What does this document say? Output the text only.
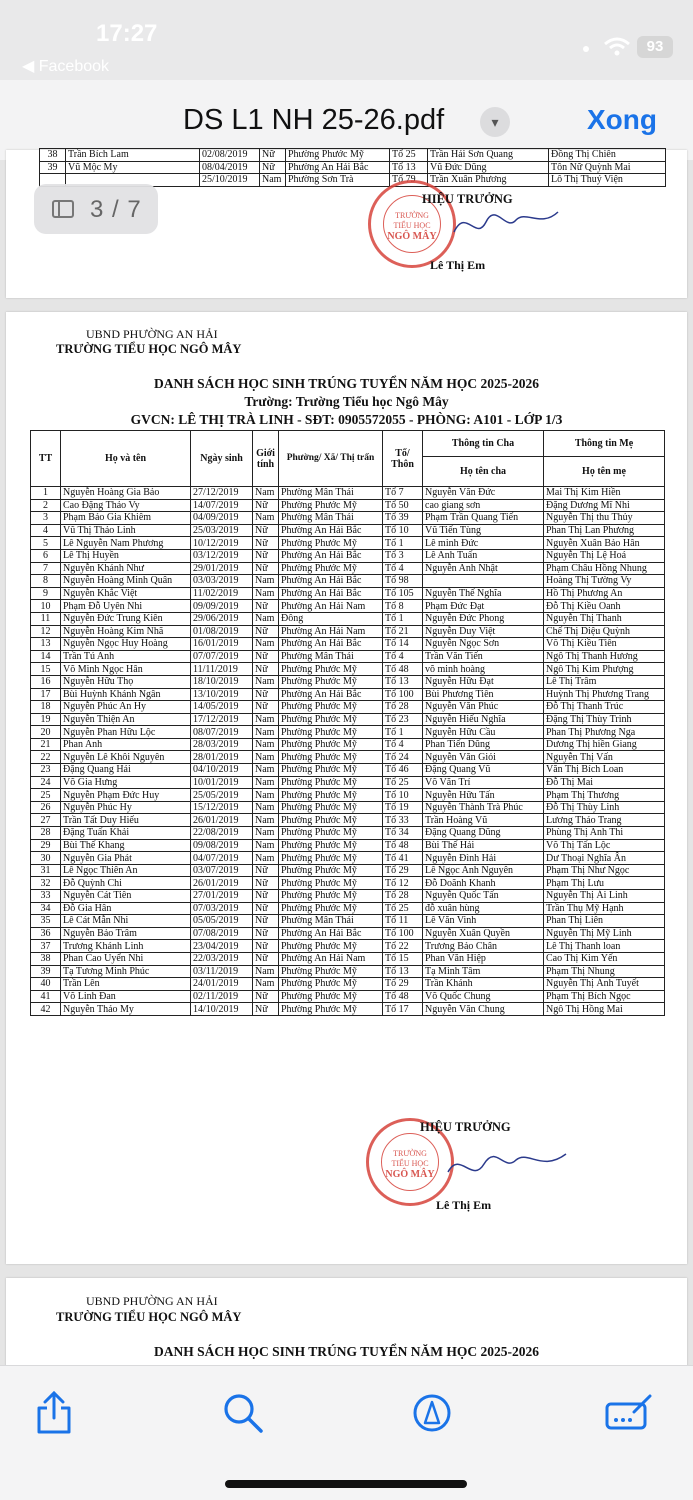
17:27
◀ Facebook
93
DS L1 NH 25-26.pdf	▾	Xong
38	Trần Bích Lam	02/08/2019	Nữ	Phường Phước Mỹ	Tổ 25	Trần Hải Sơn Quang	Đồng Thị Chiên
39	Vũ Mộc My	08/04/2019	Nữ	Phường An Hải Bắc	Tổ 13	Vũ Đức Dũng	Tôn Nữ Quỳnh Mai
		25/10/2019	Nam	Phường Sơn Trà	Tổ 79	Trần Xuân Phương	Lô Thị Thuý Viện
TRƯỜNG
TIỂU HỌC
NGÔ MÂY
HIỆU TRƯỞNG
Lê Thị Em
UBND PHƯỜNG AN HẢI
TRƯỜNG TIỂU HỌC NGÔ MÂY
DANH SÁCH HỌC SINH TRÚNG TUYỂN NĂM HỌC 2025-2026
Trường: Trường Tiểu học Ngô Mây
GVCN: LÊ THỊ TRÀ LINH - SĐT: 0905572055 - PHÒNG: A101 - LỚP 1/3
TT	Họ và tên	Ngày sinh	Giới tính	Phường/ Xã/ Thị trấn	Tổ/ Thôn	Thông tin Cha	Thông tin Mẹ
						Họ tên cha	Họ tên mẹ
1	Nguyễn Hoàng Gia Bảo	27/12/2019	Nam	Phường Mân Thái	Tổ 7	Nguyễn Văn Đức	Mai Thị Kim Hiền
2	Cao Đặng Thảo Vy	14/07/2019	Nữ	Phường Phước Mỹ	Tổ 50	cao giang sơn	Đặng Dương Mĩ Nhi
3	Phạm Bảo Gia Khiêm	04/09/2019	Nam	Phường Mân Thái	Tổ 39	Phạm Trần Quang Tiến	Nguyễn Thị thu Thủy
4	Vũ Thị Thảo Linh	25/03/2019	Nữ	Phường An Hải Bắc	Tổ 10	Vũ Tiến Tùng	Phan Thị Lan Phương
5	Lê Nguyễn Nam Phương	10/12/2019	Nữ	Phường Phước Mỹ	Tổ 1	Lê minh Đức	Nguyễn Xuân Bảo Hân
6	Lê Thị Huyền	03/12/2019	Nữ	Phường An Hải Bắc	Tổ 3	Lê Anh Tuấn	Nguyễn Thị Lệ Hoá
7	Nguyễn Khánh Như	29/01/2019	Nữ	Phường Phước Mỹ	Tổ 4	Nguyễn Anh Nhật	Phạm Châu Hồng Nhung
8	Nguyễn Hoàng Minh Quân	03/03/2019	Nam	Phường An Hải Bắc	Tổ 98		Hoàng Thị Tường Vy
9	Nguyễn Khắc Việt	11/02/2019	Nam	Phường An Hải Bắc	Tổ 105	Nguyễn Thế Nghĩa	Hồ Thị Phương An
10	Phạm Đỗ Uyên Nhi	09/09/2019	Nữ	Phường An Hải Nam	Tổ 8	Phạm Đức Đạt	Đỗ Thị Kiều Oanh
11	Nguyễn Đức Trung Kiên	29/06/2019	Nam	Đông	Tổ 1	Nguyễn Đức Phong	Nguyễn Thị Thanh
12	Nguyễn Hoàng Kim Nhã	01/08/2019	Nữ	Phường An Hải Nam	Tổ 21	Nguyễn Duy Việt	Chế Thị Diệu Quỳnh
13	Nguyễn Ngọc Huy Hoàng	16/01/2019	Nam	Phường An Hải Bắc	Tổ 14	Nguyễn Ngọc Sơn	Võ Thị Kiều Tiên
14	Trần Tú Anh	07/07/2019	Nữ	Phường Mân Thái	Tổ 4	Trần Văn Tiến	Ngô Thị Thanh Hương
15	Võ Minh Ngọc Hân	11/11/2019	Nữ	Phường Phước Mỹ	Tổ 48	võ minh hoàng	Ngô Thị Kim Phượng
16	Nguyễn Hữu Thọ	18/10/2019	Nam	Phường Phước Mỹ	Tổ 13	Nguyễn Hữu Đạt	Lê Thị Trâm
17	Bùi Huỳnh Khánh Ngân	13/10/2019	Nữ	Phường An Hải Bắc	Tổ 100	Bùi Phương Tiên	Huỳnh Thị Phương Trang
18	Nguyễn Phúc An Hy	14/05/2019	Nữ	Phường Phước Mỹ	Tổ 28	Nguyễn Văn Phúc	Đỗ Thị Thanh Trúc
19	Nguyễn Thiện An	17/12/2019	Nam	Phường Phước Mỹ	Tổ 23	Nguyễn Hiếu Nghĩa	Đặng Thị Thùy Trinh
20	Nguyễn Phan Hữu Lộc	08/07/2019	Nam	Phường Phước Mỹ	Tổ 1	Nguyễn Hữu Cầu	Phan Thị Phương Nga
21	Phan Anh	28/03/2019	Nam	Phường Phước Mỹ	Tổ 4	Phan Tiến Dũng	Dương Thị hiền Giang
22	Nguyễn Lê Khôi Nguyên	28/01/2019	Nam	Phường Phước Mỹ	Tổ 24	Nguyễn Văn Giỏi	Nguyễn Thị Vấn
23	Đặng Quang Hải	04/10/2019	Nam	Phường Phước Mỹ	Tổ 46	Đặng Quang Vũ	Văn Thị Bích Loan
24	Võ Gia Hưng	10/01/2019	Nam	Phường Phước Mỹ	Tổ 25	Võ Văn Trí	Đỗ Thị Mai
25	Nguyễn Phạm Đức Huy	25/05/2019	Nam	Phường Phước Mỹ	Tổ 10	Nguyễn Hữu Tấn	Phạm Thị Thương
26	Nguyễn Phúc Hy	15/12/2019	Nam	Phường Phước Mỹ	Tổ 19	Nguyễn Thành Trà Phúc	Đỗ Thị Thùy Linh
27	Trần Tất Duy Hiếu	26/01/2019	Nam	Phường Phước Mỹ	Tổ 33	Trần Hoàng Vũ	Lương Thảo Trang
28	Đặng Tuấn Khải	22/08/2019	Nam	Phường Phước Mỹ	Tổ 34	Đặng Quang Dũng	Phùng Thị Anh Thi
29	Bùi Thế Khang	09/08/2019	Nam	Phường Phước Mỹ	Tổ 48	Bùi Thế Hải	Võ Thị Tấn Lộc
30	Nguyễn Gia Phát	04/07/2019	Nam	Phường Phước Mỹ	Tổ 41	Nguyễn Đình Hải	Dư Thoại Nghĩa Ân
31	Lê Ngọc Thiên An	03/07/2019	Nữ	Phường Phước Mỹ	Tổ 29	Lê Ngọc Anh Nguyên	Phạm Thị Như Ngọc
32	Đỗ Quỳnh Chi	26/01/2019	Nữ	Phường Phước Mỹ	Tổ 12	Đỗ Doãnh Khanh	Phạm Thị Lưu
33	Nguyễn Cát Tiên	27/01/2019	Nữ	Phường Phước Mỹ	Tổ 28	Nguyễn Quốc Tấn	Nguyễn Thị Ái Linh
34	Đỗ Gia Hân	07/03/2019	Nữ	Phường Phước Mỹ	Tổ 25	đỗ xuân hùng	Trần Thụ Mỹ Hạnh
35	Lê Cát Mẫn Nhi	05/05/2019	Nữ	Phường Mân Thái	Tổ 11	Lê Văn Vinh	Phan Thị Liên
36	Nguyễn Bảo Trâm	07/08/2019	Nữ	Phường An Hải Bắc	Tổ 100	Nguyễn Xuân Quyền	Nguyễn Thị Mỹ Linh
37	Trương Khánh Linh	23/04/2019	Nữ	Phường Phước Mỹ	Tổ 22	Trương Bảo Chân	Lê Thị Thanh loan
38	Phan Cao Uyển Nhi	22/03/2019	Nữ	Phường An Hải Nam	Tổ 15	Phan Văn Hiệp	Cao Thị Kim Yến
39	Tạ Tương Minh Phúc	03/11/2019	Nam	Phường Phước Mỹ	Tổ 13	Tạ Minh Tâm	Phạm Thị Nhung
40	Trần Lên	24/01/2019	Nam	Phường Phước Mỹ	Tổ 29	Trần Khánh	Nguyễn Thị Ánh Tuyết
41	Võ Linh Đan	02/11/2019	Nữ	Phường Phước Mỹ	Tổ 48	Võ Quốc Chung	Phạm Thị Bích Ngọc
42	Nguyễn Thảo My	14/10/2019	Nữ	Phường Phước Mỹ	Tổ 17	Nguyễn Văn Chung	Ngô Thị Hồng Mai
TRƯỜNG
TIỂU HỌC
NGÔ MÂY
HIỆU TRƯỞNG
Lê Thị Em
UBND PHƯỜNG AN HẢI
TRƯỜNG TIỂU HỌC NGÔ MÂY
DANH SÁCH HỌC SINH TRÚNG TUYỂN NĂM HỌC 2025-2026
3 / 7
